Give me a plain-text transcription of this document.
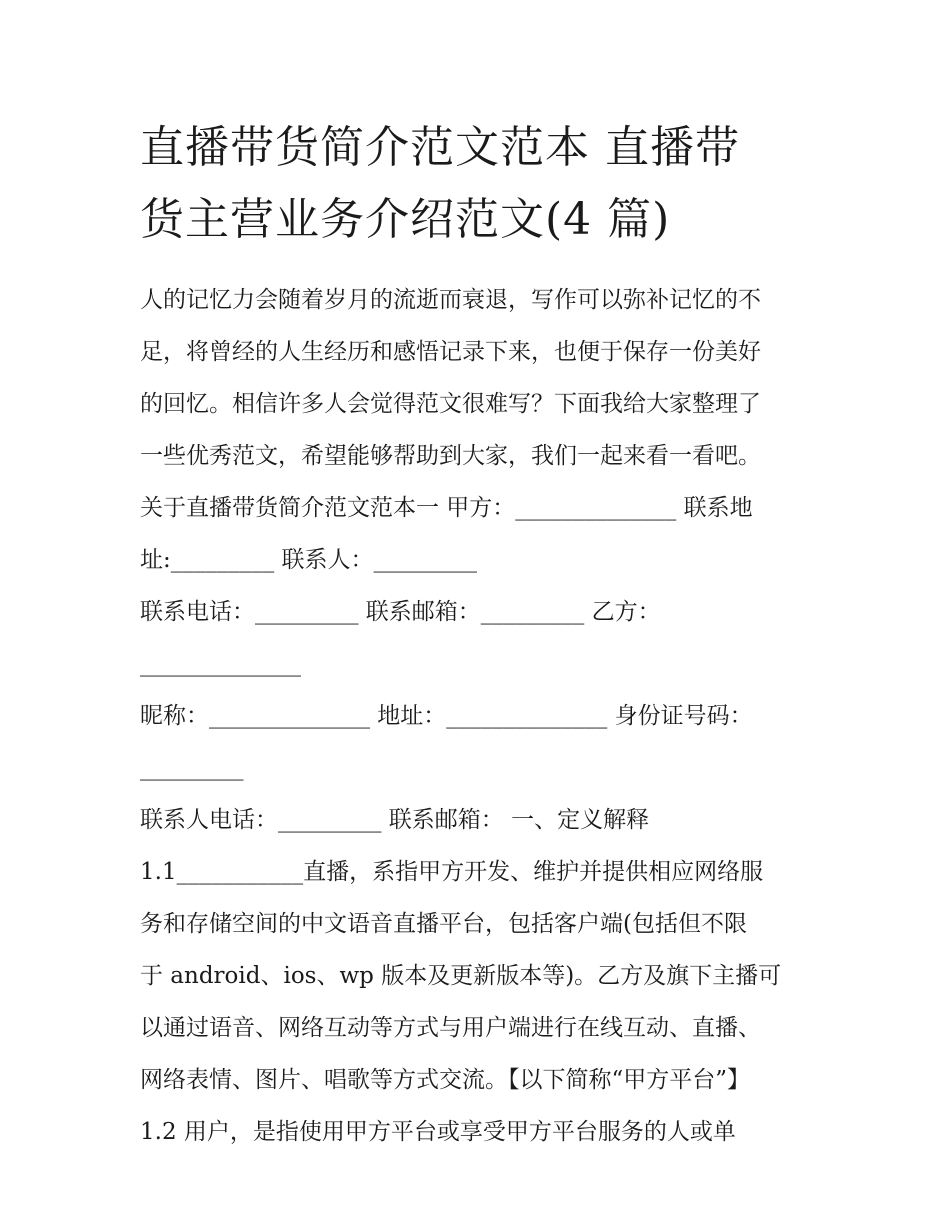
直播带货简介范文范本 直播带
货主营业务介绍范文(4 篇)
人的记忆力会随着岁月的流逝而衰退，写作可以弥补记忆的不
足，将曾经的人生经历和感悟记录下来，也便于保存一份美好
的回忆。相信许多人会觉得范文很难写？下面我给大家整理了
一些优秀范文，希望能够帮助到大家，我们一起来看一看吧。
关于直播带货简介范文范本一 甲方：______________ 联系地
址:_________ 联系人：_________
联系电话：_________ 联系邮箱：_________ 乙方：
______________
昵称：______________ 地址：______________ 身份证号码：
_________
联系人电话：_________ 联系邮箱： 一、定义解释
1.1___________直播，系指甲方开发、维护并提供相应网络服
务和存储空间的中文语音直播平台，包括客户端(包括但不限
于 android、ios、wp 版本及更新版本等)。乙方及旗下主播可
以通过语音、网络互动等方式与用户端进行在线互动、直播、
网络表情、图片、唱歌等方式交流。【以下简称“甲方平台”】
1.2 用户，是指使用甲方平台或享受甲方平台服务的人或单
